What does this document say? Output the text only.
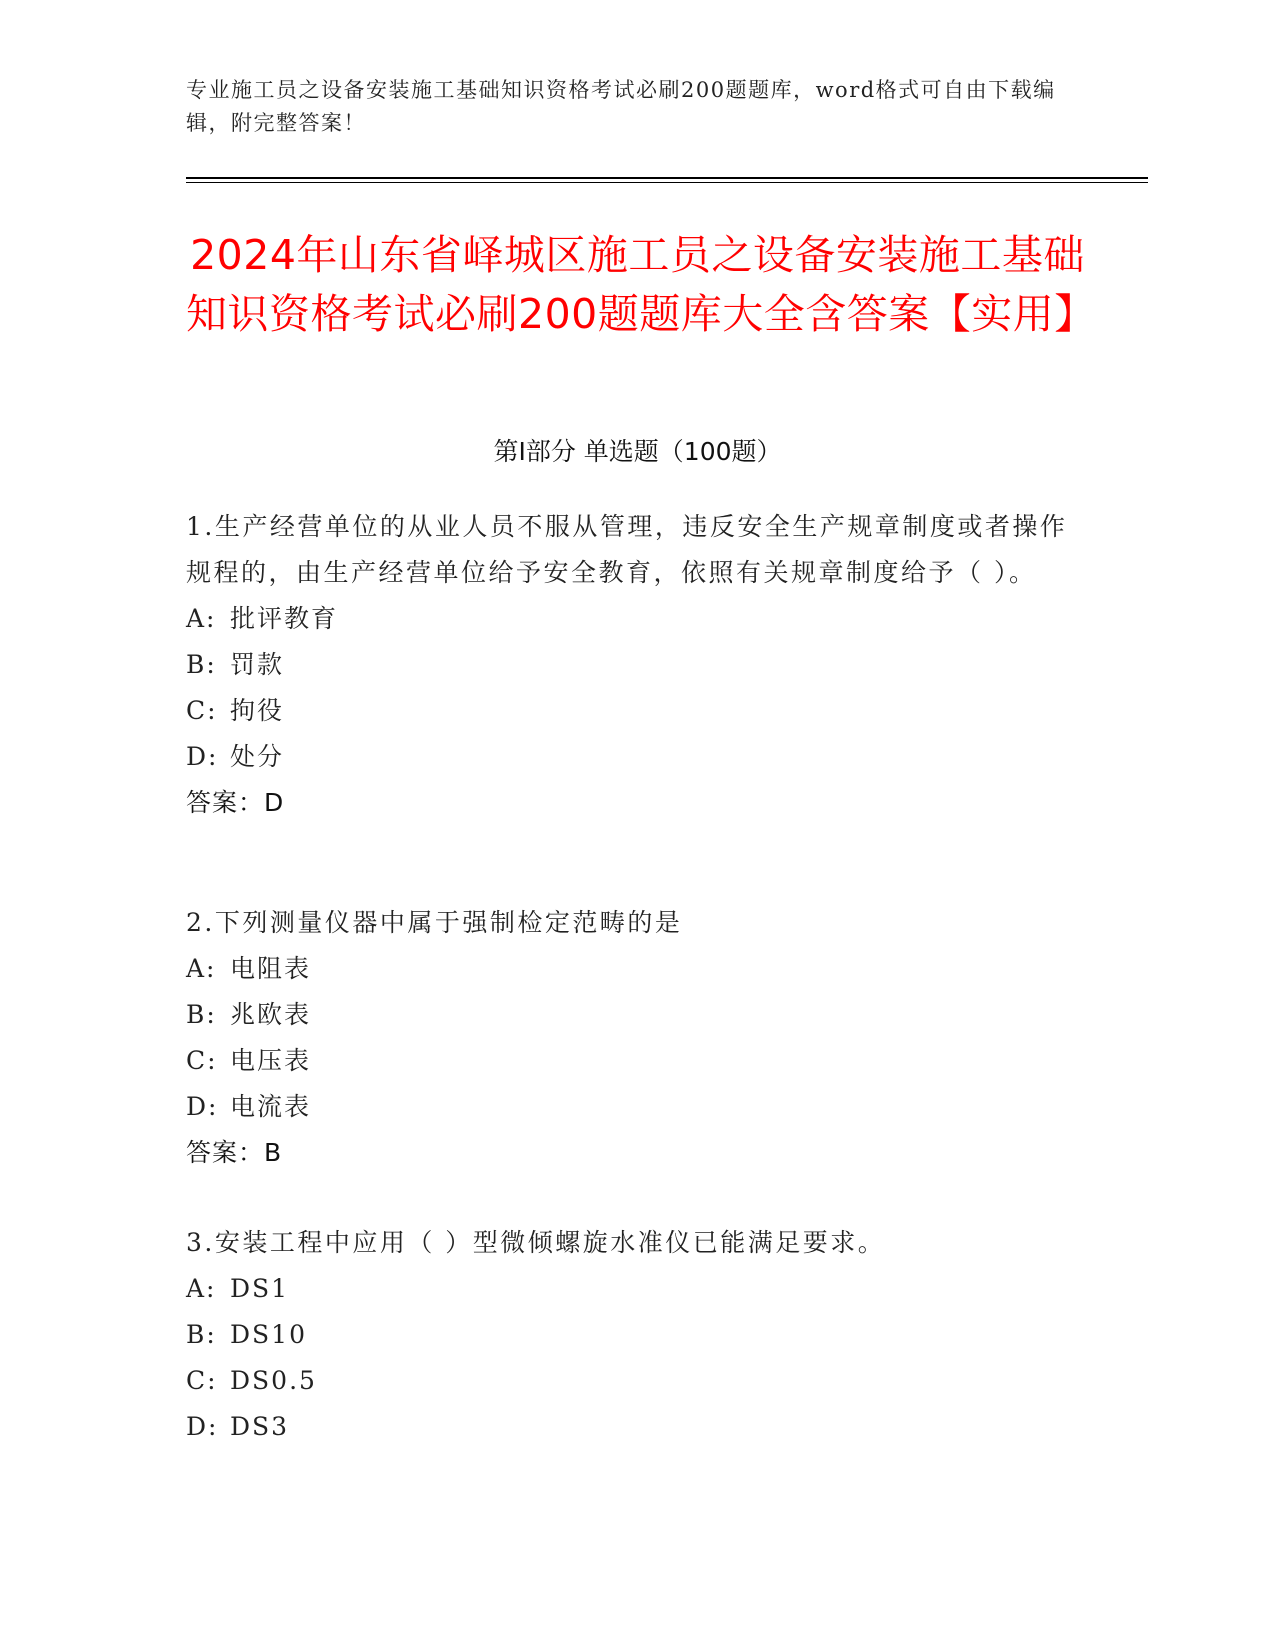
专业施工员之设备安装施工基础知识资格考试必刷200题题库，word格式可自由下载编辑，附完整答案！
2024年山东省峄城区施工员之设备安装施工基础知识资格考试必刷200题题库大全含答案【实用】
第I部分 单选题（100题）

1.生产经营单位的从业人员不服从管理，违反安全生产规章制度或者操作规程的，由生产经营单位给予安全教育，依照有关规章制度给予（ ）。

A: 批评教育
B: 罚款
C: 拘役
D: 处分
答案：D

2.下列测量仪器中属于强制检定范畴的是

A: 电阻表
B: 兆欧表
C: 电压表
D: 电流表
答案：B

3.安装工程中应用（ ）型微倾螺旋水准仪已能满足要求。

A: DS1
B: DS10
C: DS0.5
D: DS3
